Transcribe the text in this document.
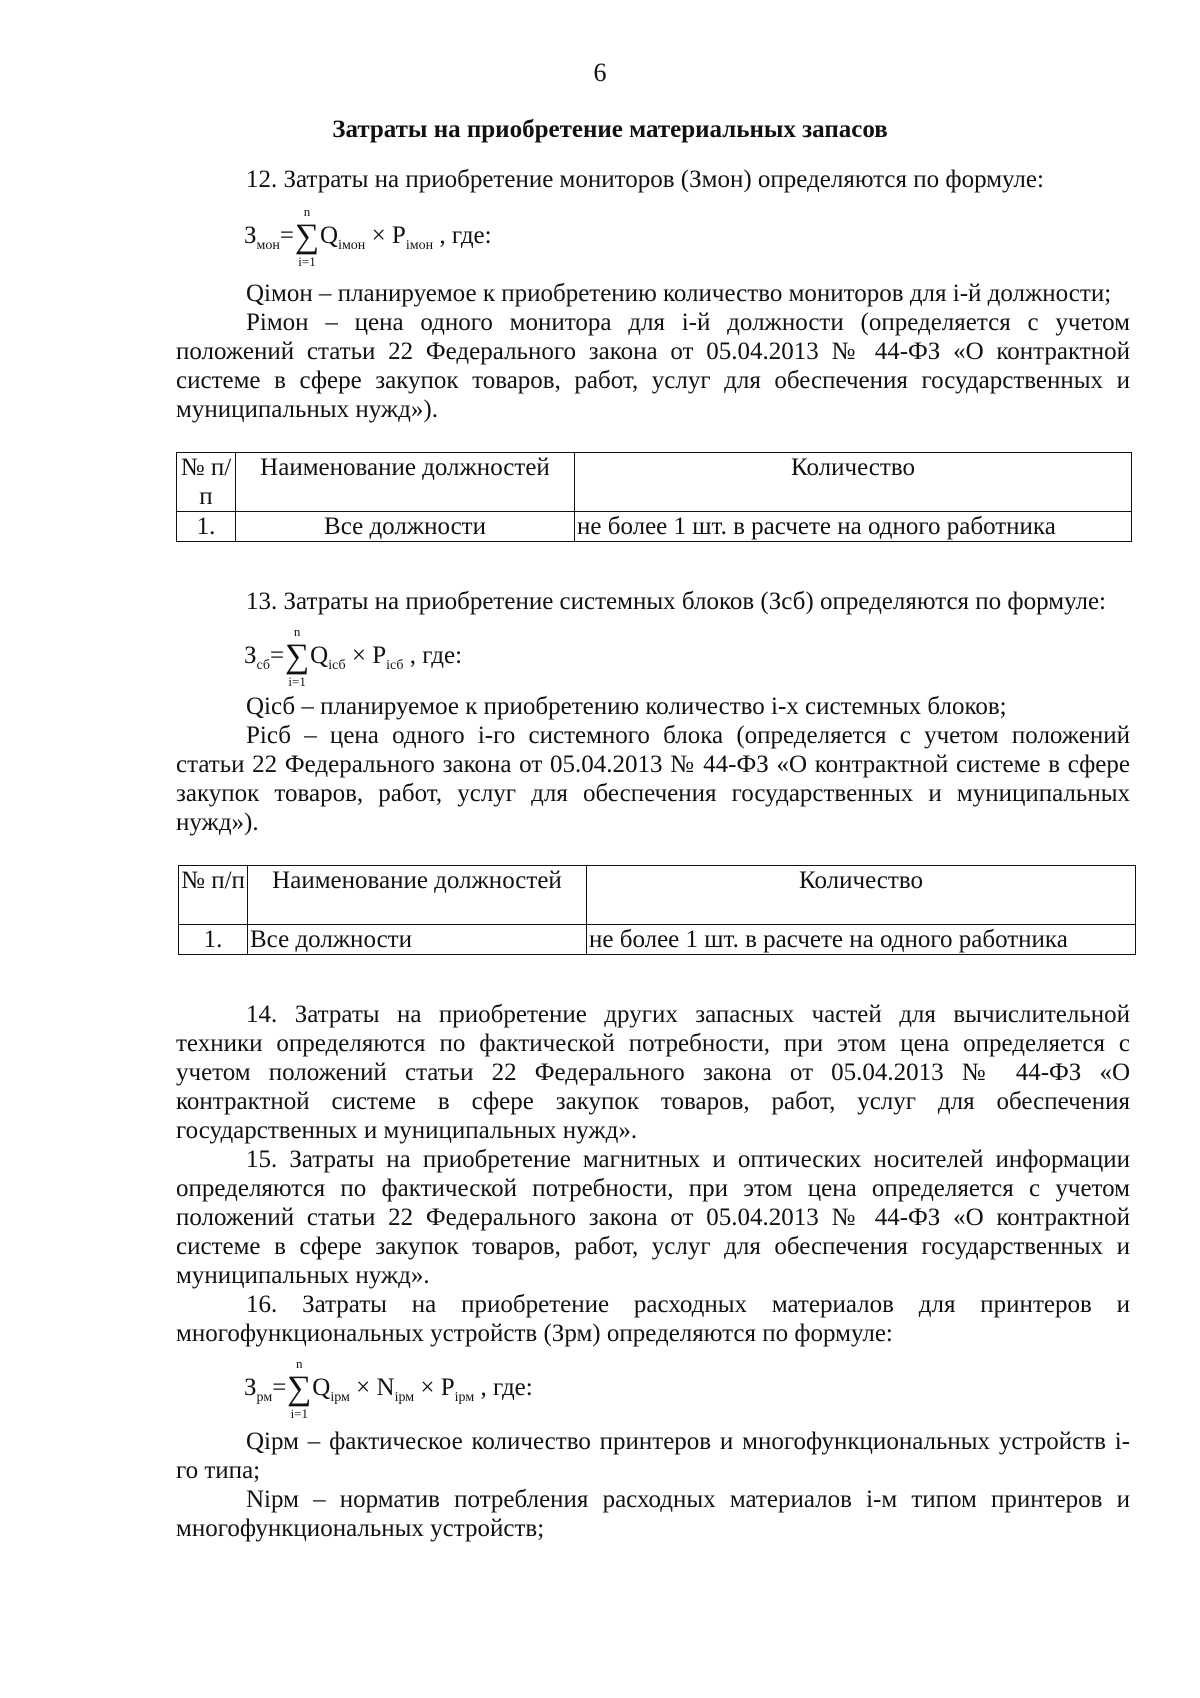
6
Затраты на приобретение материальных запасов
12. Затраты на приобретение мониторов (Змон) определяются по формуле:
$З_{мон}=$
n
∑
i=1
$Q_{iмон} \times P_{iмон}$ , где:
Qiмон – планируемое к приобретению количество мониторов для i-й должности;
Piмон – цена одного монитора для i-й должности (определяется с учетом положений статьи 22 Федерального закона от 05.04.2013 № 44-ФЗ «О контрактной системе в сфере закупок товаров, работ, услуг для обеспечения государственных и муниципальных нужд»).
№ п/п	Наименование должностей	Количество
1.	Все должности	не более 1 шт. в расчете на одного работника
13. Затраты на приобретение системных блоков (Зсб) определяются по формуле:
$З_{сб}=$
n
∑
i=1
$Q_{iсб} \times P_{iсб}$ , где:
Qiсб – планируемое к приобретению количество i-х системных блоков;
Piсб – цена одного i-го системного блока (определяется с учетом положений статьи 22 Федерального закона от 05.04.2013 № 44-ФЗ «О контрактной системе в сфере закупок товаров, работ, услуг для обеспечения государственных и муниципальных нужд»).
№ п/п	Наименование должностей	Количество
1.	Все должности	не более 1 шт. в расчете на одного работника
14. Затраты на приобретение других запасных частей для вычислительной техники определяются по фактической потребности, при этом цена определяется с учетом положений статьи 22 Федерального закона от 05.04.2013 № 44-ФЗ «О контрактной системе в сфере закупок товаров, работ, услуг для обеспечения государственных и муниципальных нужд».
15. Затраты на приобретение магнитных и оптических носителей информации определяются по фактической потребности, при этом цена определяется с учетом положений статьи 22 Федерального закона от 05.04.2013 № 44-ФЗ «О контрактной системе в сфере закупок товаров, работ, услуг для обеспечения государственных и муниципальных нужд».
16. Затраты на приобретение расходных материалов для принтеров и многофункциональных устройств (Зрм) определяются по формуле:
$З_{рм}=$
n
∑
i=1
$Q_{iрм} \times N_{iрм} \times P_{iрм}$ , где:
Qiрм – фактическое количество принтеров и многофункциональных устройств i-го типа;
Niрм – норматив потребления расходных материалов i-м типом принтеров и многофункциональных устройств;
